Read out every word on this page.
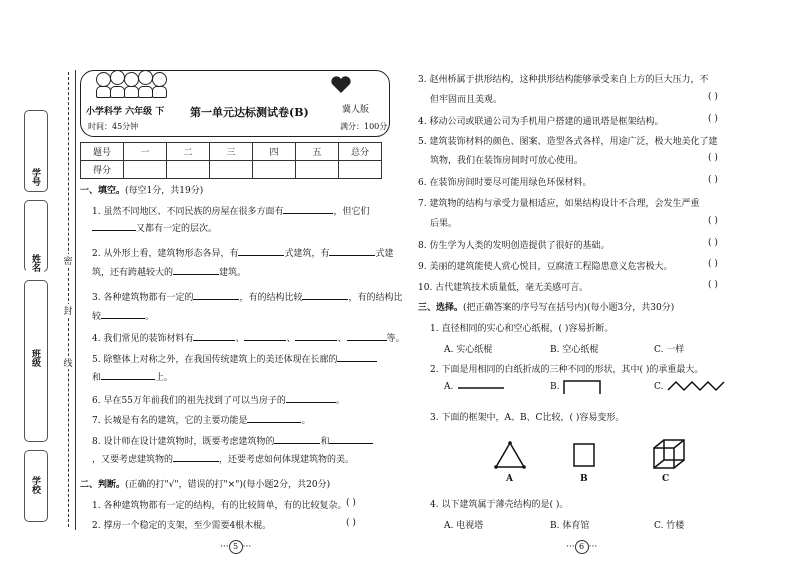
学号
姓名
班级
学校
密
封
线
小学科学 六年级 下 第一单元达标测试卷(B)	冀人版
时间：45分钟	满分：100分
题号	一	二	三	四	五	总分
得分						
一、填空。(每空1分，共19分)
1. 虽然不同地区、不同民族的房屋在很多方面有	，但它们
又都有一定的层次。
2. 从外形上看，建筑物形态各异，有	式建筑，有	式建
筑，还有跨越较大的	建筑。
3. 各种建筑物都有一定的	，有的结构比较	，有的结构比
较	。
4. 我们常见的装饰材料有	、	、	、	等。
5. 除整体上对称之外，在我国传统建筑上的美还体现在长廊的
和	上。
6. 早在55万年前我们的祖先找到了可以当房子的	。
7. 长城是有名的建筑，它的主要功能是	。
8. 设计师在设计建筑物时，既要考虑建筑物的	和
，又要考虑建筑物的	，还要考虑如何体现建筑物的美。
二、判断。(正确的打"√"，错误的打"×")(每小题2分，共20分)
1. 各种建筑物都有一定的结构，有的比较简单，有的比较复杂。 ( )
2. 撑房一个稳定的支架，至少需要4根木棍。	( )
··· 5 ···
3. 赵州桥属于拱形结构，这种拱形结构能够承受来自上方的巨大压力，不
但牢固而且美观。	( )
4. 移动公司或联通公司为手机用户搭建的通讯塔是框架结构。	( )
5. 建筑装饰材料的颜色、图案、造型各式各样，用途广泛，极大地美化了建
筑物，我们在装饰房间时可放心使用。	( )
6. 在装饰房间时要尽可能用绿色环保材料。	( )
7. 建筑物的结构与承受力量相适应，如果结构设计不合理，会发生严重
后果。	( )
8. 仿生学为人类的发明创造提供了很好的基础。	( )
9. 美丽的建筑能使人赏心悦目，豆腐渣工程隐患意义危害极大。	( )
10. 古代建筑技术质量低，毫无美感可言。	( )
三、选择。(把正确答案的序号写在括号内)(每小题3分，共30分)
1. 直径相同的实心和空心纸棍，( )容易折断。
A. 实心纸棍	B. 空心纸棍	C. 一样
2. 下面是用相同的白纸折成的三种不同的形状，其中( )的承重最大。
A.	B.	C.
3. 下面的框架中，A、B、C比较，( )容易变形。
A	B	C
4. 以下建筑属于薄壳结构的是( )。
A. 电视塔	B. 体育馆	C. 竹楼
··· 6 ···
